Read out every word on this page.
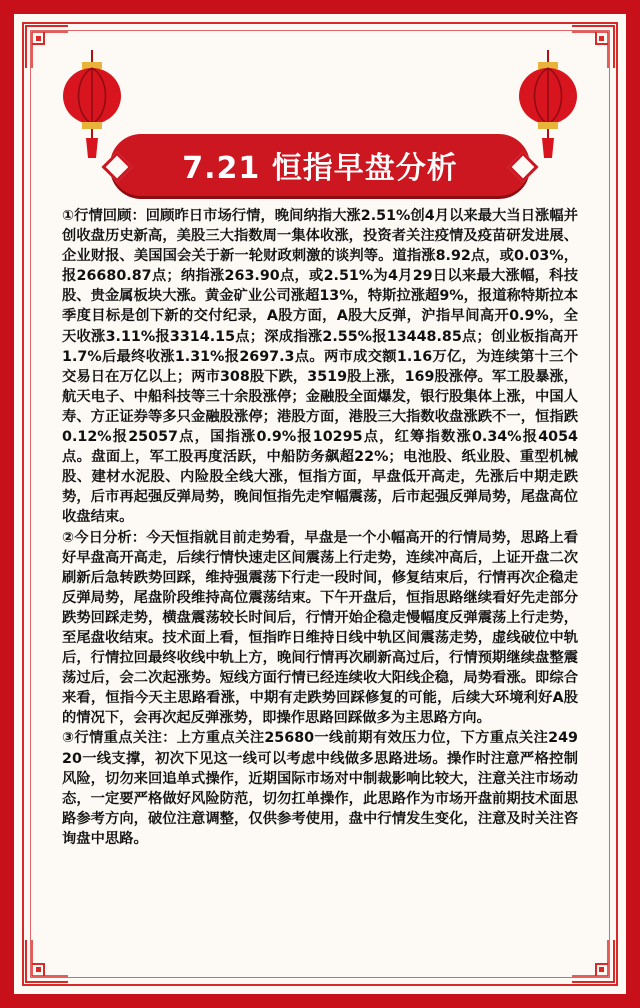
7.21 恒指早盘分析

①行情回顾：回顾昨日市场行情，晚间纳指大涨2.51%创4月以来最大当日涨幅并创收盘历史新高，美股三大指数周一集体收涨，投资者关注疫情及疫苗研发进展、企业财报、美国国会关于新一轮财政刺激的谈判等。道指涨8.92点，或0.03%，报26680.87点；纳指涨263.90点，或2.51%为4月29日以来最大涨幅，科技股、贵金属板块大涨。黄金矿业公司涨超13%，特斯拉涨超9%，报道称特斯拉本季度目标是创下新的交付纪录，A股方面，A股大反弹，沪指早间高开0.9%，全天收涨3.11%报3314.15点；深成指涨2.55%报13448.85点；创业板指高开1.7%后最终收涨1.31%报2697.3点。两市成交额1.16万亿，为连续第十三个交易日在万亿以上；两市308股下跌，3519股上涨，169股涨停。军工股暴涨，航天电子、中船科技等三十余股涨停；金融股全面爆发，银行股集体上涨，中国人寿、方正证券等多只金融股涨停；港股方面，港股三大指数收盘涨跌不一，恒指跌0.12%报25057点，国指涨0.9%报10295点，红筹指数涨0.34%报4054点。盘面上，军工股再度活跃，中船防务飙超22%；电池股、纸业股、重型机械股、建材水泥股、内险股全线大涨，恒指方面，早盘低开高走，先涨后中期走跌势，后市再起强反弹局势，晚间恒指先走窄幅震荡，后市起强反弹局势，尾盘高位收盘结束。

②今日分析：今天恒指就目前走势看，早盘是一个小幅高开的行情局势，思路上看好早盘高开高走，后续行情快速走区间震荡上行走势，连续冲高后，上证开盘二次刷新后急转跌势回踩，维持强震荡下行走一段时间，修复结束后，行情再次企稳走反弹局势，尾盘阶段维持高位震荡结束。下午开盘后，恒指思路继续看好先走部分跌势回踩走势，横盘震荡较长时间后，行情开始企稳走慢幅度反弹震荡上行走势，至尾盘收结束。技术面上看，恒指昨日维持日线中轨区间震荡走势，虚线破位中轨后，行情拉回最终收线中轨上方，晚间行情再次刷新高过后，行情预期继续盘整震荡过后，会二次起涨势。短线方面行情已经连续收大阳线企稳，局势看涨。即综合来看，恒指今天主思路看涨，中期有走跌势回踩修复的可能，后续大环境利好A股的情况下，会再次起反弹涨势，即操作思路回踩做多为主思路方向。

③行情重点关注：上方重点关注25680一线前期有效压力位，下方重点关注24920一线支撑，初次下见这一线可以考虑中线做多思路进场。操作时注意严格控制风险，切勿来回追单式操作，近期国际市场对中制裁影响比较大，注意关注市场动态，一定要严格做好风险防范，切勿扛单操作，此思路作为市场开盘前期技术面思路参考方向，破位注意调整，仅供参考使用，盘中行情发生变化，注意及时关注咨询盘中思路。
